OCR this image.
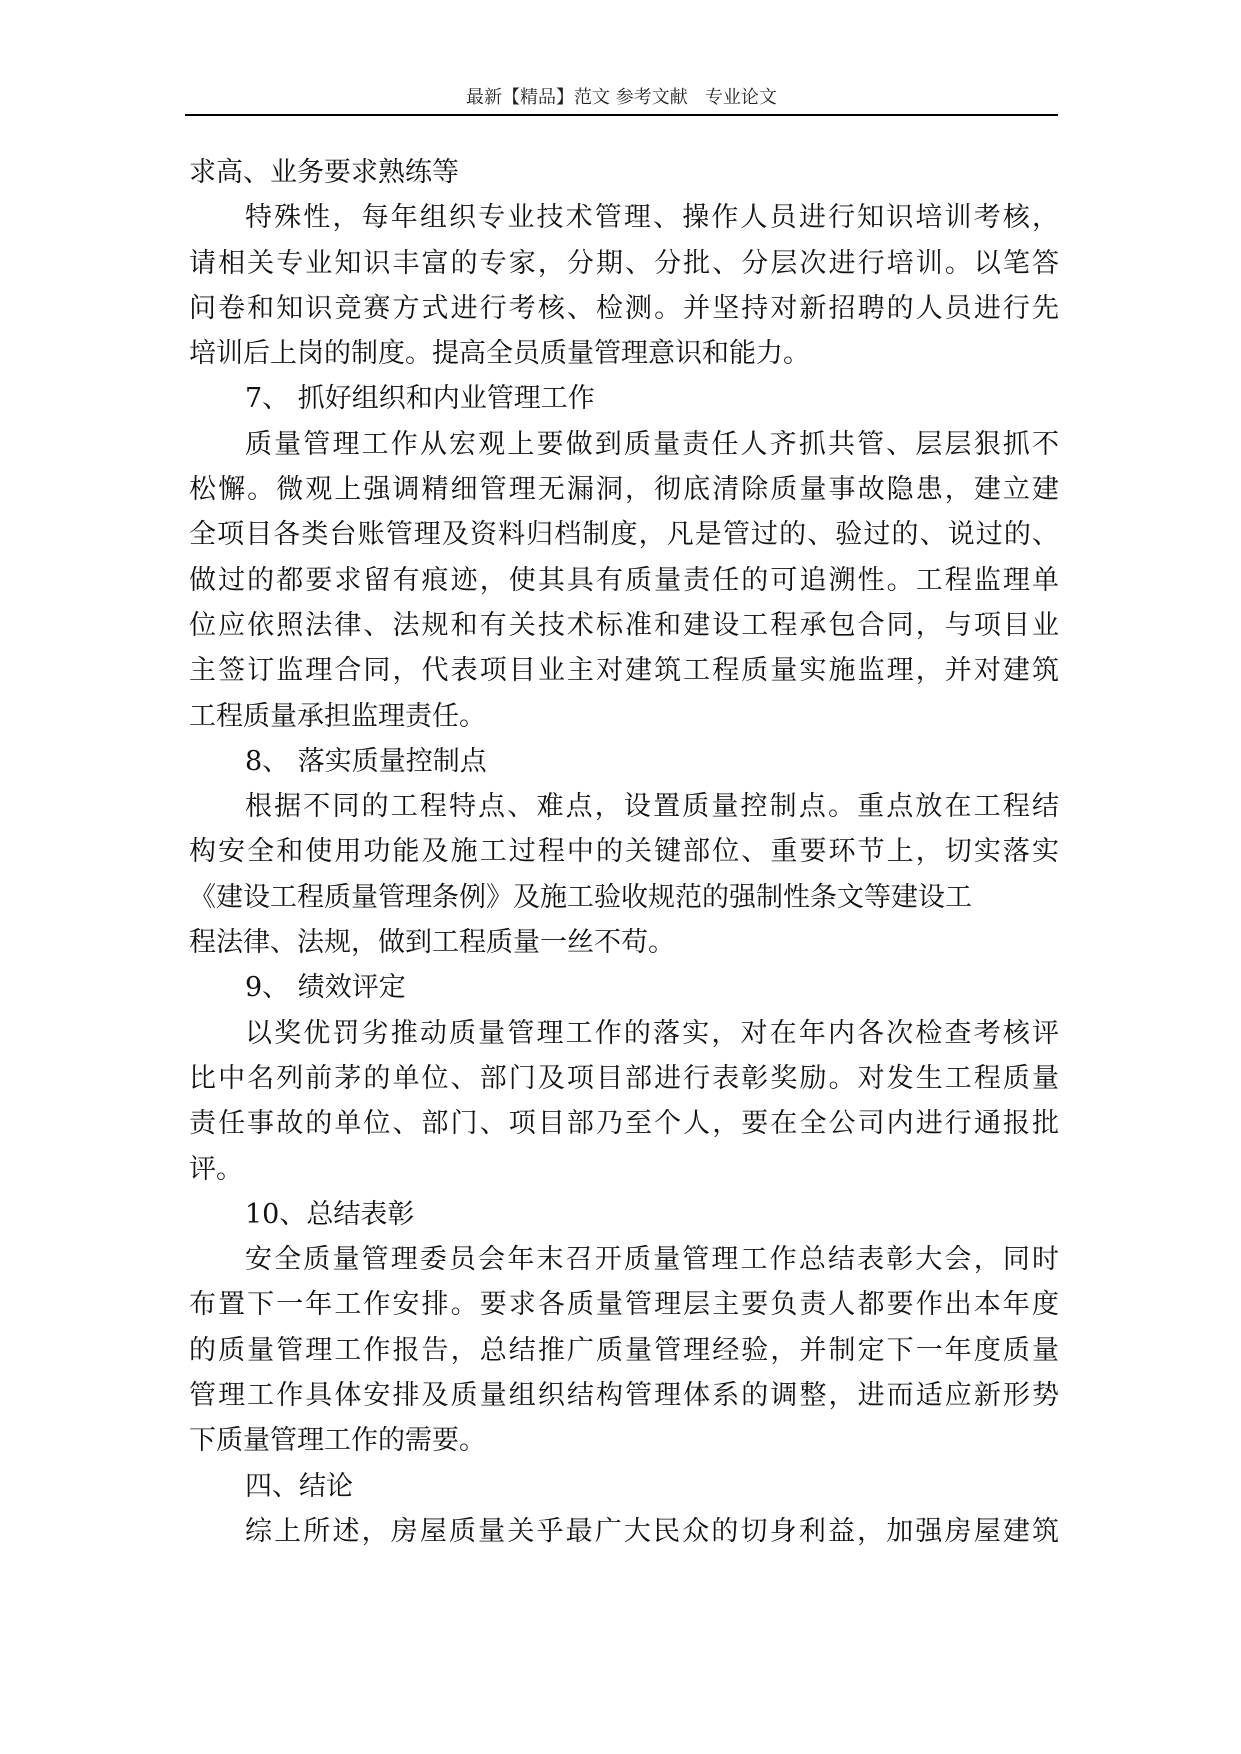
最新【精品】范文 参考文献   专业论文
求高、业务要求熟练等
特殊性，每年组织专业技术管理、操作人员进行知识培训考核，
请相关专业知识丰富的专家，分期、分批、分层次进行培训。以笔答
问卷和知识竞赛方式进行考核、检测。并坚持对新招聘的人员进行先
培训后上岗的制度。提高全员质量管理意识和能力。
7、 抓好组织和内业管理工作
质量管理工作从宏观上要做到质量责任人齐抓共管、层层狠抓不
松懈。微观上强调精细管理无漏洞，彻底清除质量事故隐患，建立建
全项目各类台账管理及资料归档制度，凡是管过的、验过的、说过的、
做过的都要求留有痕迹，使其具有质量责任的可追溯性。工程监理单
位应依照法律、法规和有关技术标准和建设工程承包合同，与项目业
主签订监理合同，代表项目业主对建筑工程质量实施监理，并对建筑
工程质量承担监理责任。
8、 落实质量控制点
根据不同的工程特点、难点，设置质量控制点。重点放在工程结
构安全和使用功能及施工过程中的关键部位、重要环节上，切实落实
《建设工程质量管理条例》及施工验收规范的强制性条文等建设工
程法律、法规，做到工程质量一丝不苟。
9、 绩效评定
以奖优罚劣推动质量管理工作的落实，对在年内各次检查考核评
比中名列前茅的单位、部门及项目部进行表彰奖励。对发生工程质量
责任事故的单位、部门、项目部乃至个人，要在全公司内进行通报批
评。
10、总结表彰
安全质量管理委员会年末召开质量管理工作总结表彰大会，同时
布置下一年工作安排。要求各质量管理层主要负责人都要作出本年度
的质量管理工作报告，总结推广质量管理经验，并制定下一年度质量
管理工作具体安排及质量组织结构管理体系的调整，进而适应新形势
下质量管理工作的需要。
四、结论
综上所述，房屋质量关乎最广大民众的切身利益，加强房屋建筑
